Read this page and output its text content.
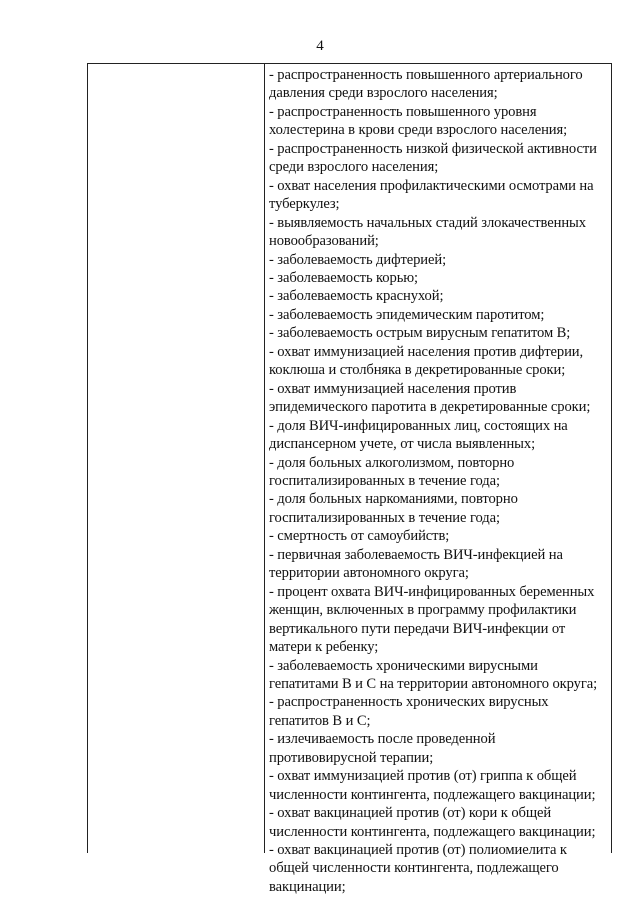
4
- распространенность повышенного артериального
давления среди взрослого населения;
- распространенность повышенного уровня
холестерина в крови среди взрослого населения;
- распространенность низкой физической активности
среди взрослого населения;
- охват населения профилактическими осмотрами на
туберкулез;
- выявляемость начальных стадий злокачественных
новообразований;
- заболеваемость дифтерией;
- заболеваемость корью;
- заболеваемость краснухой;
- заболеваемость эпидемическим паротитом;
- заболеваемость острым вирусным гепатитом В;
- охват иммунизацией населения против дифтерии,
коклюша и столбняка в декретированные сроки;
- охват иммунизацией населения против
эпидемического паротита в декретированные сроки;
- доля ВИЧ-инфицированных лиц, состоящих на
диспансерном учете, от числа выявленных;
- доля больных алкоголизмом, повторно
госпитализированных в течение года;
- доля больных наркоманиями, повторно
госпитализированных в течение года;
- смертность от самоубийств;
- первичная заболеваемость ВИЧ-инфекцией на
территории автономного округа;
- процент охвата ВИЧ-инфицированных беременных
женщин, включенных в программу профилактики
вертикального пути передачи ВИЧ-инфекции от
матери к ребенку;
- заболеваемость хроническими вирусными
гепатитами В и С на территории автономного округа;
- распространенность хронических вирусных
гепатитов В и С;
- излечиваемость после проведенной
противовирусной терапии;
- охват иммунизацией против (от) гриппа к общей
численности контингента, подлежащего вакцинации;
- охват вакцинацией против (от) кори к общей
численности контингента, подлежащего вакцинации;
- охват вакцинацией против (от) полиомиелита к
общей численности контингента, подлежащего
вакцинации;
